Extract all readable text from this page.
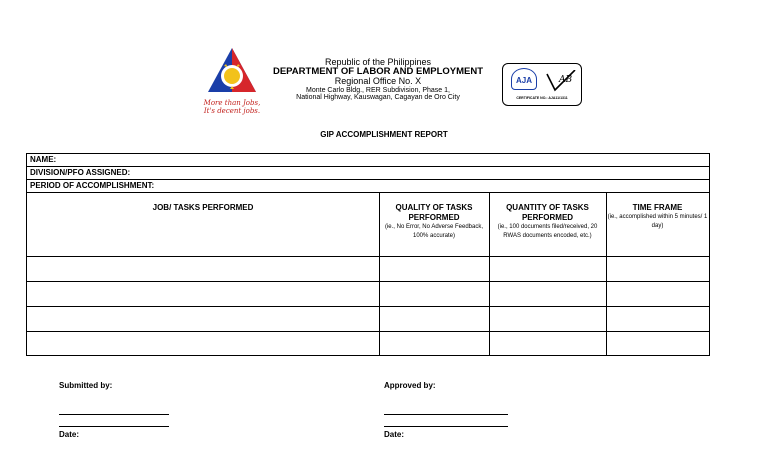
More than Jobs,
It's decent jobs.
Republic of the Philippines
DEPARTMENT OF LABOR AND EMPLOYMENT
Regional Office No. X
Monte Carlo Bldg., RER Subdivision, Phase 1,
National Highway, Kauswagan, Cagayan de Oro City
AJA	AB
CERTIFICATE NO.: AJA11/1311
GIP ACCOMPLISHMENT REPORT
NAME:
DIVISION/PFO ASSIGNED:
PERIOD OF ACCOMPLISHMENT:
JOB/ TASKS PERFORMED	QUALITY OF TASKS PERFORMED
(ie., No Error, No Adverse Feedback, 100% accurate)
QUANTITY OF TASKS PERFORMED
(ie., 100 documents filed/received, 20 RWAS documents encoded, etc.)
TIME FRAME
(ie., accomplished within 5 minutes/ 1 day)
Submitted by:
Date:
Approved by:
Date:
